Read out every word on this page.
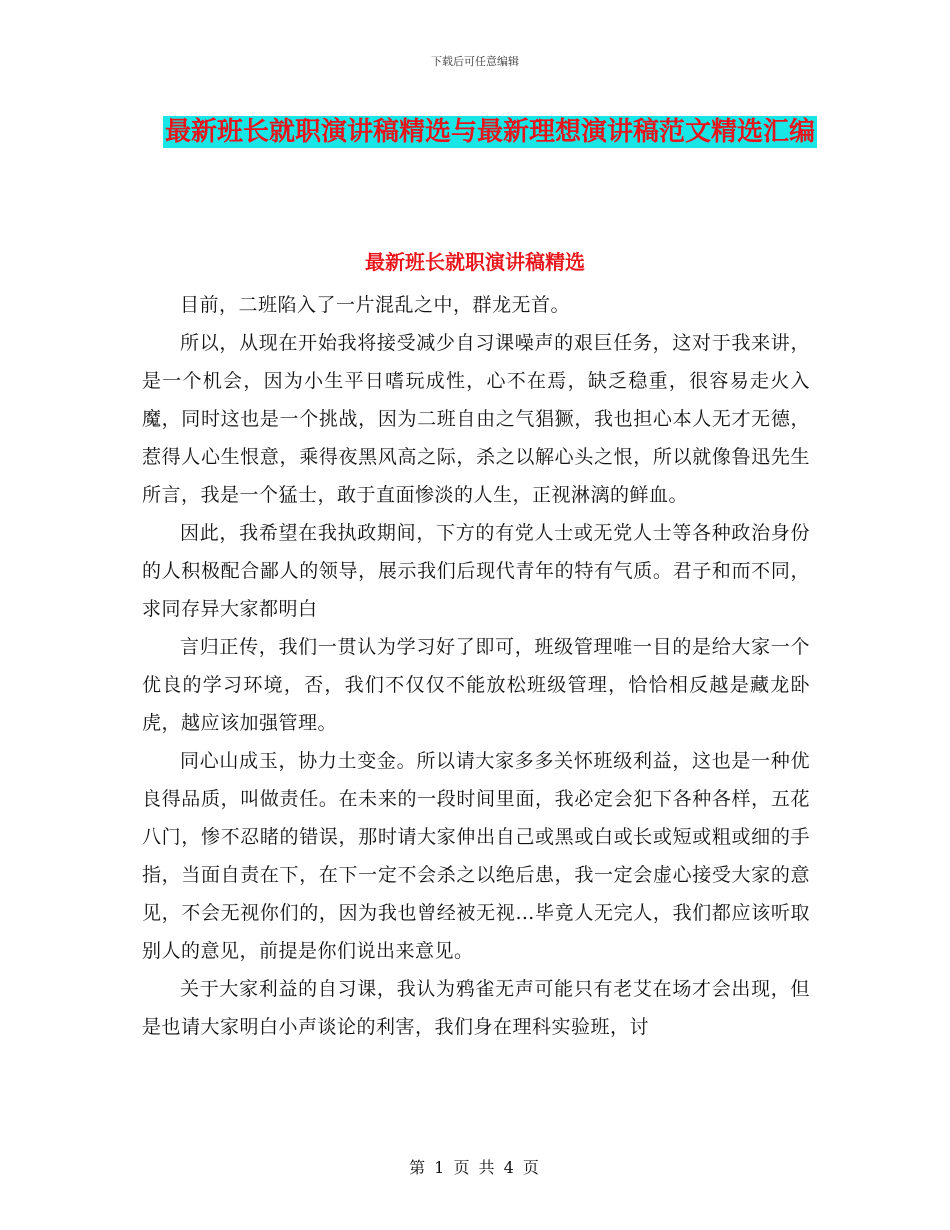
下载后可任意编辑
最新班长就职演讲稿精选与最新理想演讲稿范文精选汇编
最新班长就职演讲稿精选

目前，二班陷入了一片混乱之中，群龙无首。

所以，从现在开始我将接受减少自习课噪声的艰巨任务，这对于我来讲，是一个机会，因为小生平日嗜玩成性，心不在焉，缺乏稳重，很容易走火入魔，同时这也是一个挑战，因为二班自由之气猖獗，我也担心本人无才无德，惹得人心生恨意，乘得夜黑风高之际，杀之以解心头之恨，所以就像鲁迅先生所言，我是一个猛士，敢于直面惨淡的人生，正视淋漓的鲜血。

因此，我希望在我执政期间，下方的有党人士或无党人士等各种政治身份的人积极配合鄙人的领导，展示我们后现代青年的特有气质。君子和而不同，求同存异大家都明白

言归正传，我们一贯认为学习好了即可，班级管理唯一目的是给大家一个优良的学习环境，否，我们不仅仅不能放松班级管理，恰恰相反越是藏龙卧虎，越应该加强管理。

同心山成玉，协力土变金。所以请大家多多关怀班级利益，这也是一种优良得品质，叫做责任。在未来的一段时间里面，我必定会犯下各种各样，五花八门，惨不忍睹的错误，那时请大家伸出自己或黑或白或长或短或粗或细的手指，当面自责在下，在下一定不会杀之以绝后患，我一定会虚心接受大家的意见，不会无视你们的，因为我也曾经被无视…毕竟人无完人，我们都应该听取别人的意见，前提是你们说出来意见。

关于大家利益的自习课，我认为鸦雀无声可能只有老艾在场才会出现，但是也请大家明白小声谈论的利害，我们身在理科实验班，讨

第 1 页 共 4 页
